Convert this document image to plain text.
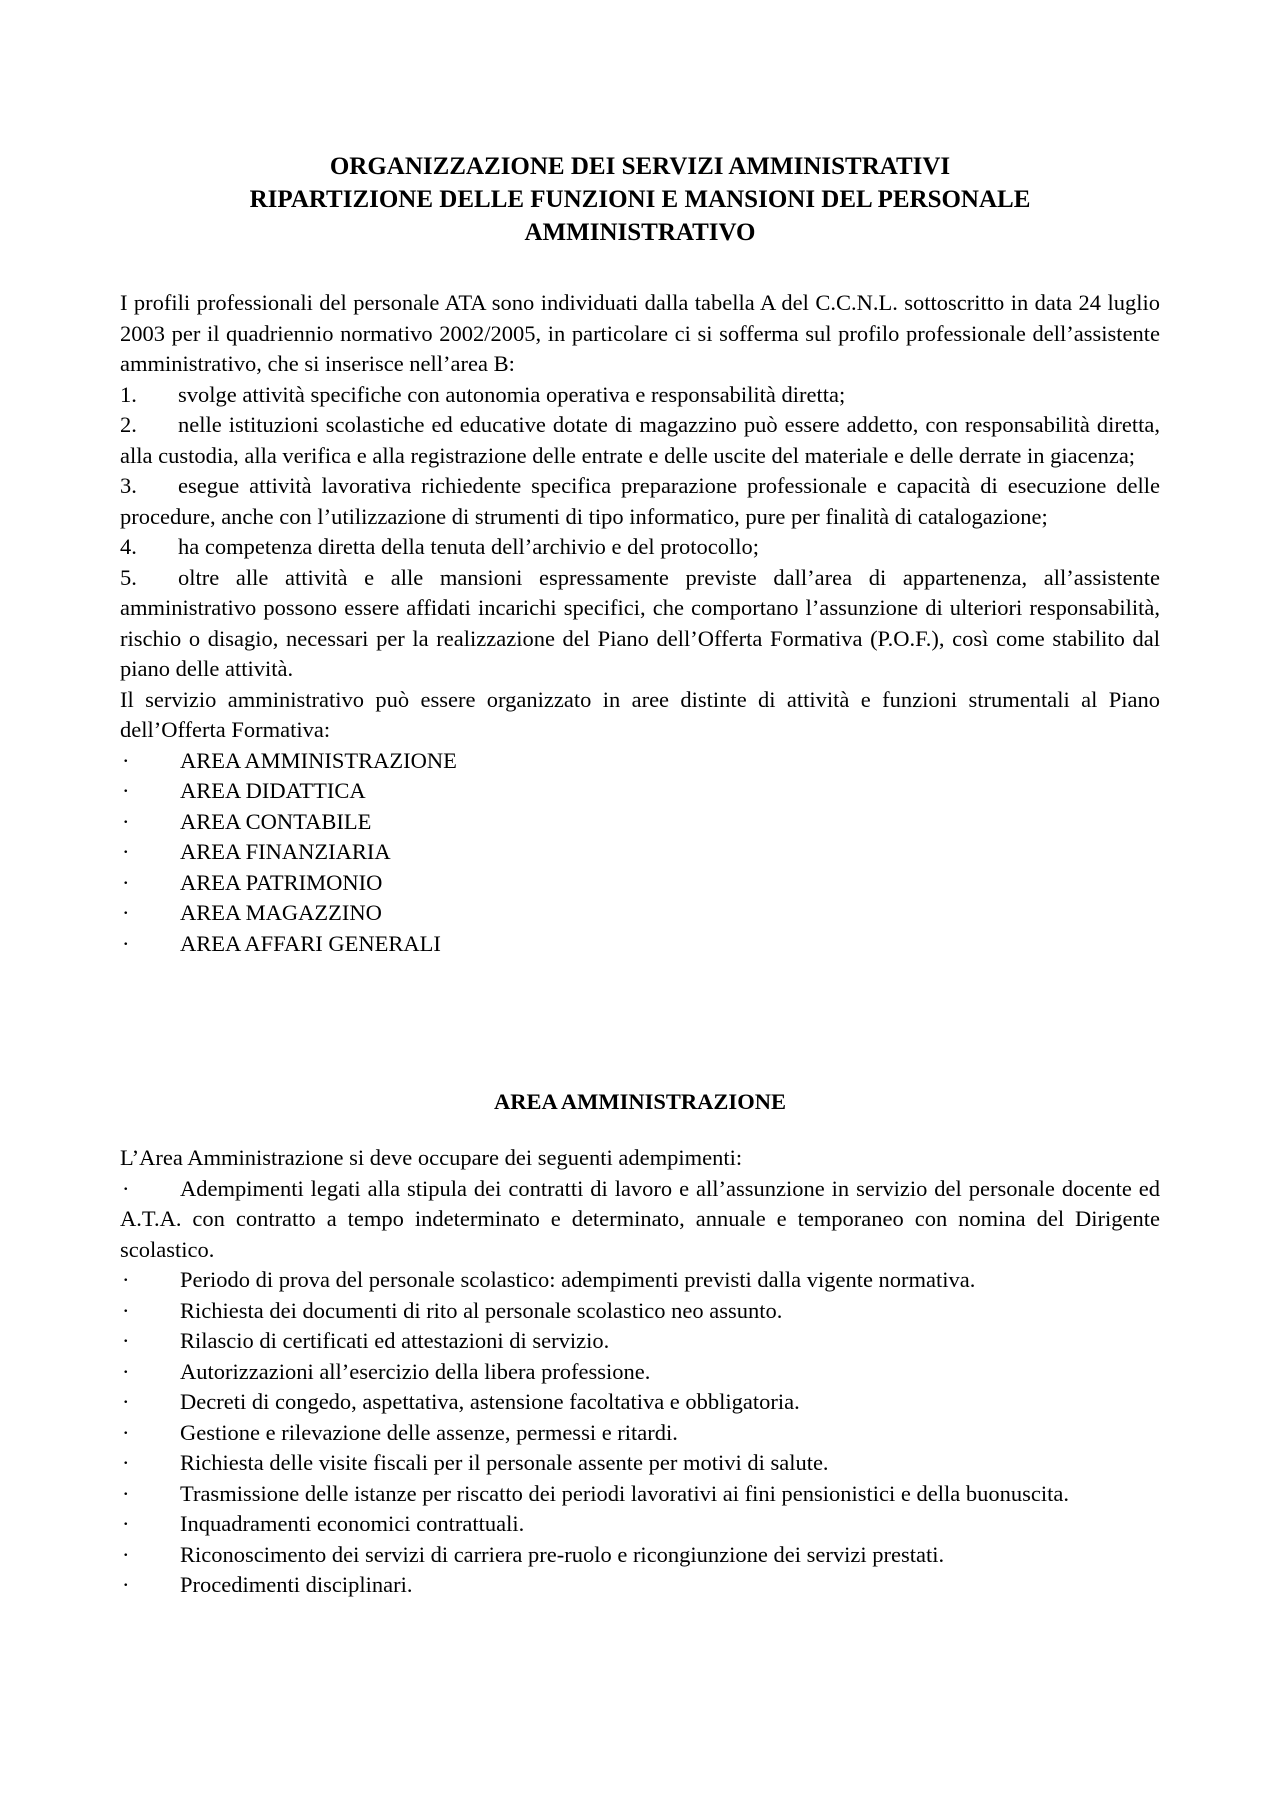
ORGANIZZAZIONE DEI SERVIZI AMMINISTRATIVI
RIPARTIZIONE DELLE FUNZIONI E MANSIONI DEL PERSONALE
AMMINISTRATIVO

I profili professionali del personale ATA sono individuati dalla tabella A del C.C.N.L. sottoscritto in data 24 luglio 2003 per il quadriennio normativo 2002/2005, in particolare ci si sofferma sul profilo professionale dell’assistente amministrativo, che si inserisce nell’area B:

1. svolge attività specifiche con autonomia operativa e responsabilità diretta;

2. nelle istituzioni scolastiche ed educative dotate di magazzino può essere addetto, con responsabilità diretta, alla custodia, alla verifica e alla registrazione delle entrate e delle uscite del materiale e delle derrate in giacenza;

3. esegue attività lavorativa richiedente specifica preparazione professionale e capacità di esecuzione delle procedure, anche con l’utilizzazione di strumenti di tipo informatico, pure per finalità di catalogazione;

4. ha competenza diretta della tenuta dell’archivio e del protocollo;

5. oltre alle attività e alle mansioni espressamente previste dall’area di appartenenza, all’assistente amministrativo possono essere affidati incarichi specifici, che comportano l’assunzione di ulteriori responsabilità, rischio o disagio, necessari per la realizzazione del Piano dell’Offerta Formativa (P.O.F.), così come stabilito dal piano delle attività.

Il servizio amministrativo può essere organizzato in aree distinte di attività e funzioni strumentali al Piano dell’Offerta Formativa:

·	AREA AMMINISTRAZIONE
·	AREA DIDATTICA
·	AREA CONTABILE
·	AREA FINANZIARIA
·	AREA PATRIMONIO
·	AREA MAGAZZINO
·	AREA AFFARI GENERALI
AREA AMMINISTRAZIONE

L’Area Amministrazione si deve occupare dei seguenti adempimenti:

· Adempimenti legati alla stipula dei contratti di lavoro e all’assunzione in servizio del personale docente ed A.T.A. con contratto a tempo indeterminato e determinato, annuale e temporaneo con nomina del Dirigente scolastico.

· Periodo di prova del personale scolastico: adempimenti previsti dalla vigente normativa.

· Richiesta dei documenti di rito al personale scolastico neo assunto.

· Rilascio di certificati ed attestazioni di servizio.

· Autorizzazioni all’esercizio della libera professione.

· Decreti di congedo, aspettativa, astensione facoltativa e obbligatoria.

· Gestione e rilevazione delle assenze, permessi e ritardi.

· Richiesta delle visite fiscali per il personale assente per motivi di salute.

· Trasmissione delle istanze per riscatto dei periodi lavorativi ai fini pensionistici e della buonuscita.

· Inquadramenti economici contrattuali.

· Riconoscimento dei servizi di carriera pre-ruolo e ricongiunzione dei servizi prestati.

· Procedimenti disciplinari.
